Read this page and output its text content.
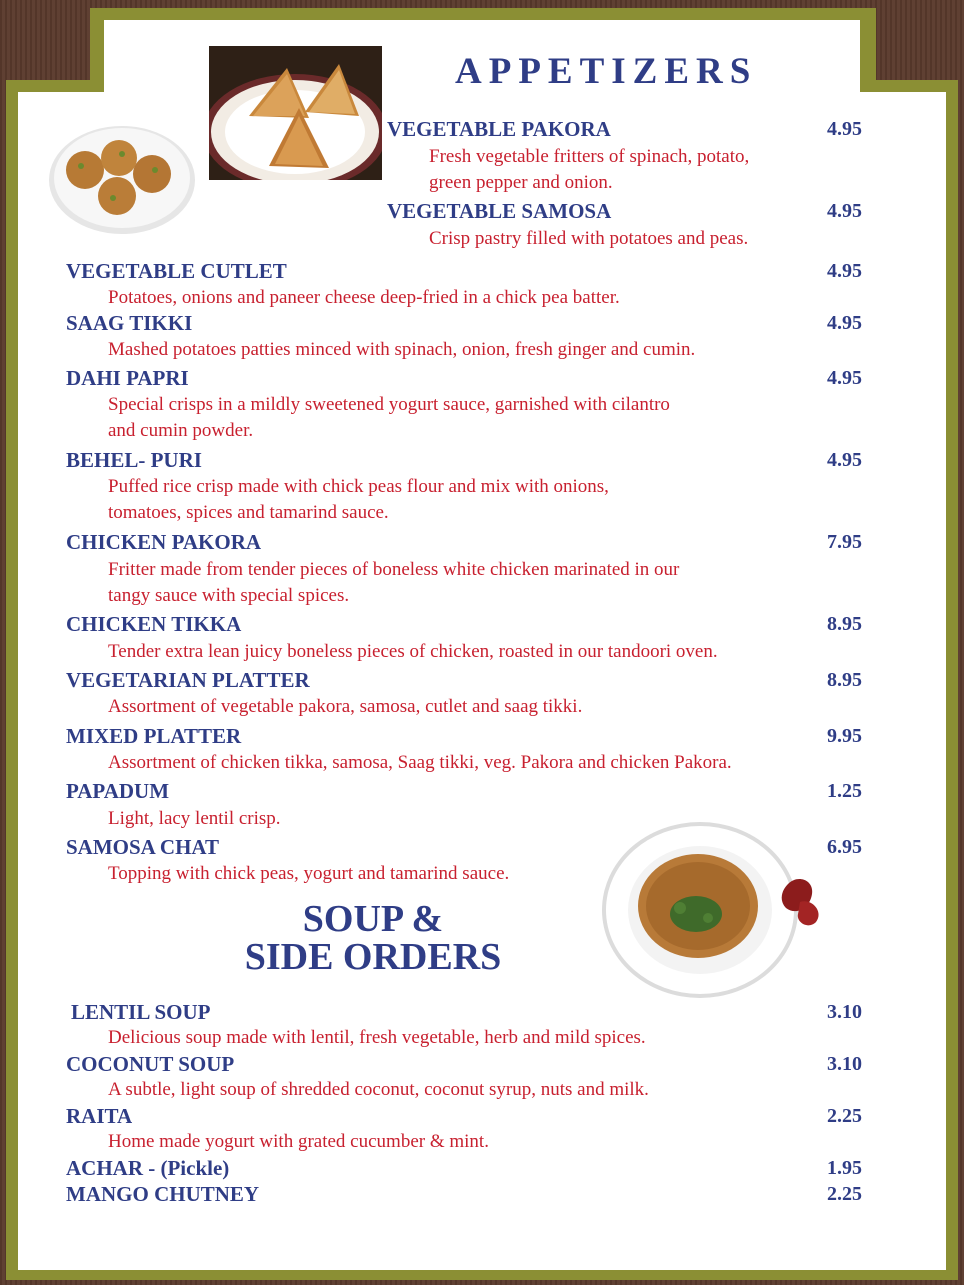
APPETIZERS
SOUP &
SIDE ORDERS
VEGETABLE PAKORA	4.95
Fresh vegetable fritters of spinach, potato,
green pepper and onion.
VEGETABLE SAMOSA	4.95
Crisp pastry filled with potatoes and peas.
VEGETABLE CUTLET	4.95
Potatoes, onions and paneer cheese deep-fried in a chick pea batter.
SAAG TIKKI	4.95
Mashed potatoes patties minced with spinach, onion, fresh ginger and cumin.
DAHI PAPRI	4.95
Special crisps in a mildly sweetened yogurt sauce, garnished with cilantro
and cumin powder.
BEHEL- PURI	4.95
Puffed rice crisp made with chick peas flour and mix with onions,
tomatoes, spices and tamarind sauce.
CHICKEN PAKORA	7.95
Fritter made from tender pieces of boneless white chicken marinated in our
tangy sauce with special spices.
CHICKEN TIKKA	8.95
Tender extra lean juicy boneless pieces of chicken, roasted in our tandoori oven.
VEGETARIAN PLATTER	8.95
Assortment of vegetable pakora, samosa, cutlet and saag tikki.
MIXED PLATTER	9.95
Assortment of chicken tikka, samosa, Saag tikki, veg. Pakora and chicken Pakora.
PAPADUM	1.25
Light, lacy lentil crisp.
SAMOSA CHAT	6.95
Topping with chick peas, yogurt and tamarind sauce.
LENTIL SOUP	3.10
Delicious soup made with lentil, fresh vegetable, herb and mild spices.
COCONUT SOUP	3.10
A subtle, light soup of shredded coconut, coconut syrup, nuts and milk.
RAITA	2.25
Home made yogurt with grated cucumber & mint.
ACHAR - (Pickle)	1.95
MANGO CHUTNEY	2.25
